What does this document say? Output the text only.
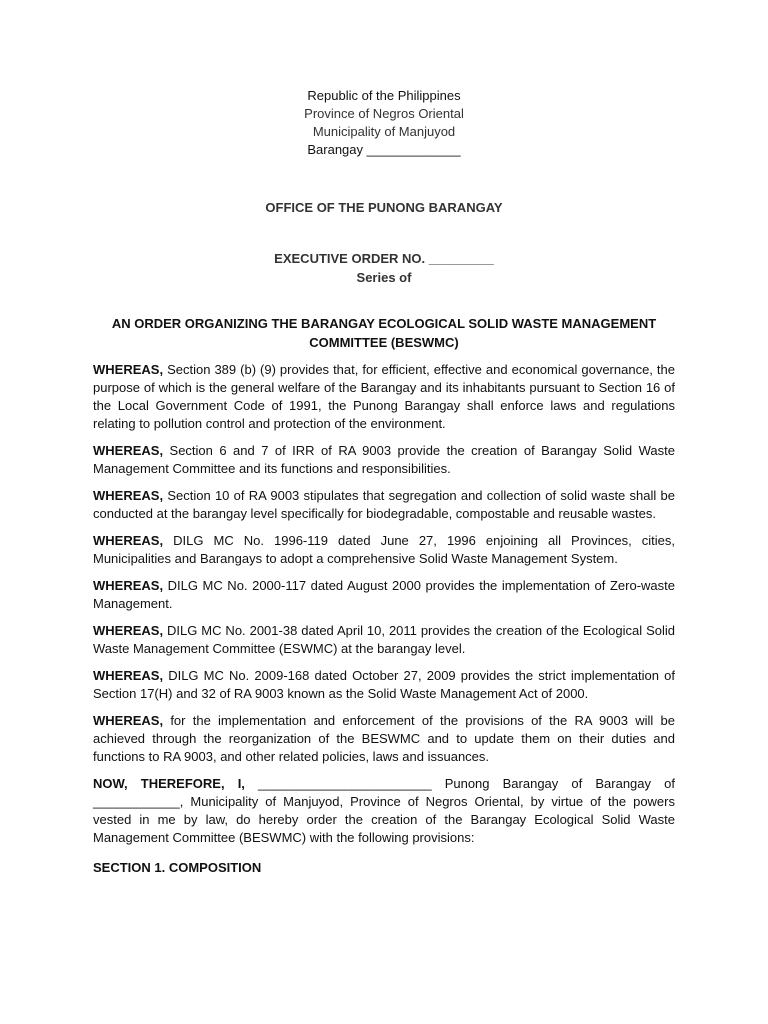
Republic of the Philippines
Province of Negros Oriental
Municipality of Manjuyod
Barangay _____________
OFFICE OF THE PUNONG BARANGAY
EXECUTIVE ORDER NO. _________
Series of
AN ORDER ORGANIZING THE BARANGAY ECOLOGICAL SOLID WASTE MANAGEMENT COMMITTEE (BESWMC)

WHEREAS, Section 389 (b) (9) provides that, for efficient, effective and economical governance, the purpose of which is the general welfare of the Barangay and its inhabitants pursuant to Section 16 of the Local Government Code of 1991, the Punong Barangay shall enforce laws and regulations relating to pollution control and protection of the environment.

WHEREAS, Section 6 and 7 of IRR of RA 9003 provide the creation of Barangay Solid Waste Management Committee and its functions and responsibilities.

WHEREAS, Section 10 of RA 9003 stipulates that segregation and collection of solid waste shall be conducted at the barangay level specifically for biodegradable, compostable and reusable wastes.

WHEREAS, DILG MC No. 1996-119 dated June 27, 1996 enjoining all Provinces, cities, Municipalities and Barangays to adopt a comprehensive Solid Waste Management System.

WHEREAS, DILG MC No. 2000-117 dated August 2000 provides the implementation of Zero-waste Management.

WHEREAS, DILG MC No. 2001-38 dated April 10, 2011 provides the creation of the Ecological Solid Waste Management Committee (ESWMC) at the barangay level.

WHEREAS, DILG MC No. 2009-168 dated October 27, 2009 provides the strict implementation of Section 17(H) and 32 of RA 9003 known as the Solid Waste Management Act of 2000.

WHEREAS, for the implementation and enforcement of the provisions of the RA 9003 will be achieved through the reorganization of the BESWMC and to update them on their duties and functions to RA 9003, and other related policies, laws and issuances.

NOW, THEREFORE, I, ________________________ Punong Barangay of Barangay of ____________, Municipality of Manjuyod, Province of Negros Oriental, by virtue of the powers vested in me by law, do hereby order the creation of the Barangay Ecological Solid Waste Management Committee (BESWMC) with the following provisions:

SECTION 1. COMPOSITION
